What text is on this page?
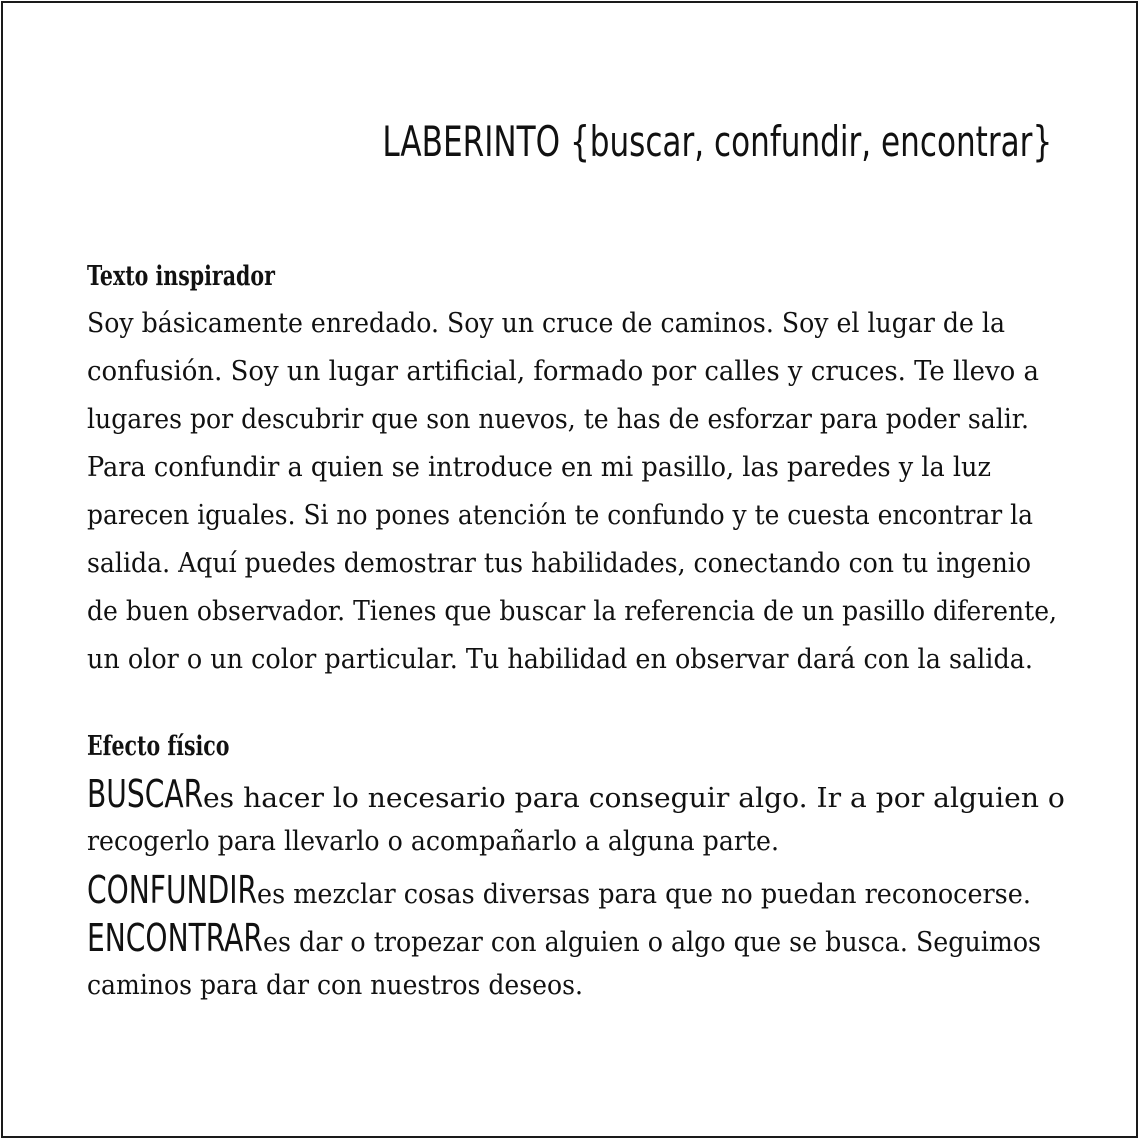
LABERINTO {buscar, confundir, encontrar}
Texto inspirador
Soy básicamente enredado. Soy un cruce de caminos. Soy el lugar de la
confusión. Soy un lugar artificial, formado por calles y cruces. Te llevo a
lugares por descubrir que son nuevos, te has de esforzar para poder salir.
Para confundir a quien se introduce en mi pasillo, las paredes y la luz
parecen iguales. Si no pones atención te confundo y te cuesta encontrar la
salida. Aquí puedes demostrar tus habilidades, conectando con tu ingenio
de buen observador. Tienes que buscar la referencia de un pasillo diferente,
un olor o un color particular. Tu habilidad en observar dará con la salida.
Efecto físico
BUSCARes hacer lo necesario para conseguir algo. Ir a por alguien o
recogerlo para llevarlo o acompañarlo a alguna parte.
CONFUNDIRes mezclar cosas diversas para que no puedan reconocerse.
ENCONTRARes dar o tropezar con alguien o algo que se busca. Seguimos
caminos para dar con nuestros deseos.
